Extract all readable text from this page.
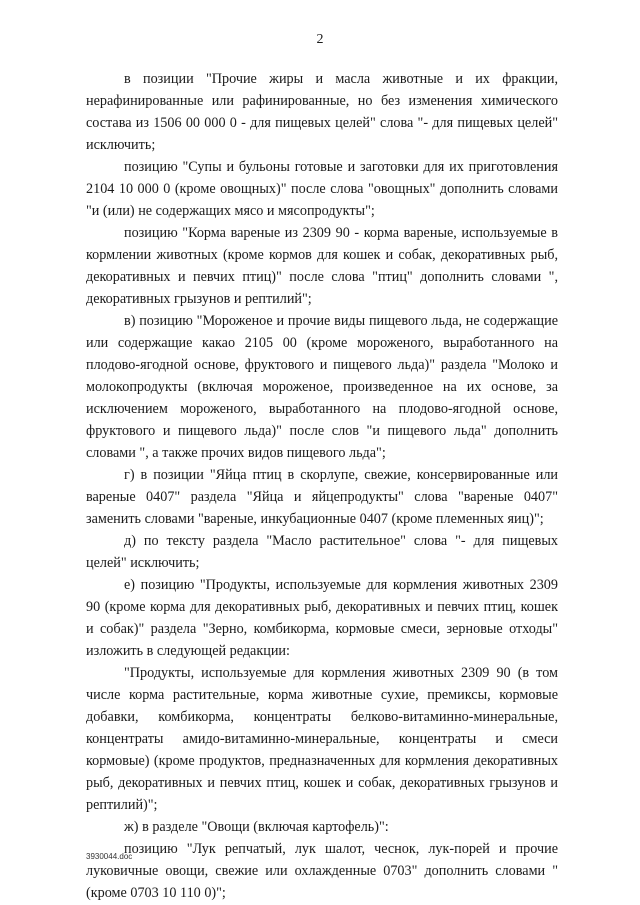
2

в позиции "Прочие жиры и масла животные и их фракции, нерафинированные или рафинированные, но без изменения химического состава из 1506 00 000 0 - для пищевых целей" слова "- для пищевых целей" исключить;

позицию "Супы и бульоны готовые и заготовки для их приготовления 2104 10 000 0 (кроме овощных)" после слова "овощных" дополнить словами "и (или) не содержащих мясо и мясопродукты";

позицию "Корма вареные из 2309 90 - корма вареные, используемые в кормлении животных (кроме кормов для кошек и собак, декоративных рыб, декоративных и певчих птиц)" после слова "птиц" дополнить словами ", декоративных грызунов и рептилий";

в) позицию "Мороженое и прочие виды пищевого льда, не содержащие или содержащие какао 2105 00 (кроме мороженого, выработанного на плодово-ягодной основе, фруктового и пищевого льда)" раздела "Молоко и молокопродукты (включая мороженое, произведенное на их основе, за исключением мороженого, выработанного на плодово-ягодной основе, фруктового и пищевого льда)" после слов "и пищевого льда" дополнить словами ", а также прочих видов пищевого льда";

г) в позиции "Яйца птиц в скорлупе, свежие, консервированные или вареные 0407" раздела "Яйца и яйцепродукты" слова "вареные 0407" заменить словами "вареные, инкубационные 0407 (кроме племенных яиц)";

д) по тексту раздела "Масло растительное" слова "- для пищевых целей" исключить;

е) позицию "Продукты, используемые для кормления животных 2309 90 (кроме корма для декоративных рыб, декоративных и певчих птиц, кошек и собак)" раздела "Зерно, комбикорма, кормовые смеси, зерновые отходы" изложить в следующей редакции:

"Продукты, используемые для кормления животных 2309 90 (в том числе корма растительные, корма животные сухие, премиксы, кормовые добавки, комбикорма, концентраты белково-витаминно-минеральные, концентраты амидо-витаминно-минеральные, концентраты и смеси кормовые) (кроме продуктов, предназначенных для кормления декоративных рыб, декоративных и певчих птиц, кошек и собак, декоративных грызунов и рептилий)";

ж) в разделе "Овощи (включая картофель)":

позицию "Лук репчатый, лук шалот, чеснок, лук-порей и прочие луковичные овощи, свежие или охлажденные 0703" дополнить словами "(кроме 0703 10 110 0)";

3930044.doc
